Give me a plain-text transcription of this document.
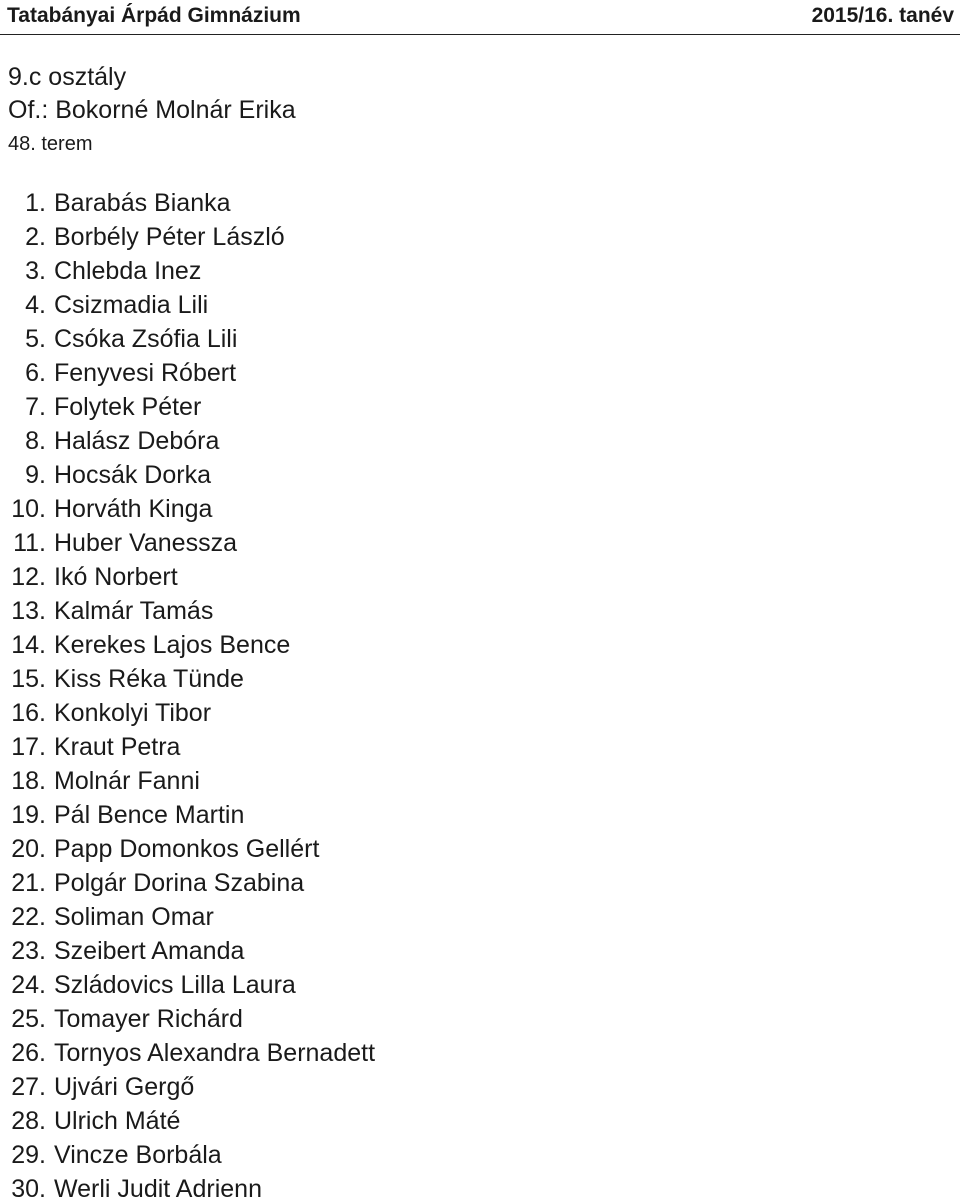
Tatabányai Árpád Gimnázium	2015/16. tanév
9.c osztály
Of.: Bokorné Molnár Erika
48. terem
1. Barabás Bianka
2. Borbély Péter László
3. Chlebda Inez
4. Csizmadia Lili
5. Csóka Zsófia Lili
6. Fenyvesi Róbert
7. Folytek Péter
8. Halász Debóra
9. Hocsák Dorka
10. Horváth Kinga
11. Huber Vanessza
12. Ikó Norbert
13. Kalmár Tamás
14. Kerekes Lajos Bence
15. Kiss Réka Tünde
16. Konkolyi Tibor
17. Kraut Petra
18. Molnár Fanni
19. Pál Bence Martin
20. Papp Domonkos Gellért
21. Polgár Dorina Szabina
22. Soliman Omar
23. Szeibert Amanda
24. Szládovics Lilla Laura
25. Tomayer Richárd
26. Tornyos Alexandra Bernadett
27. Ujvári Gergő
28. Ulrich Máté
29. Vincze Borbála
30. Werli Judit Adrienn
